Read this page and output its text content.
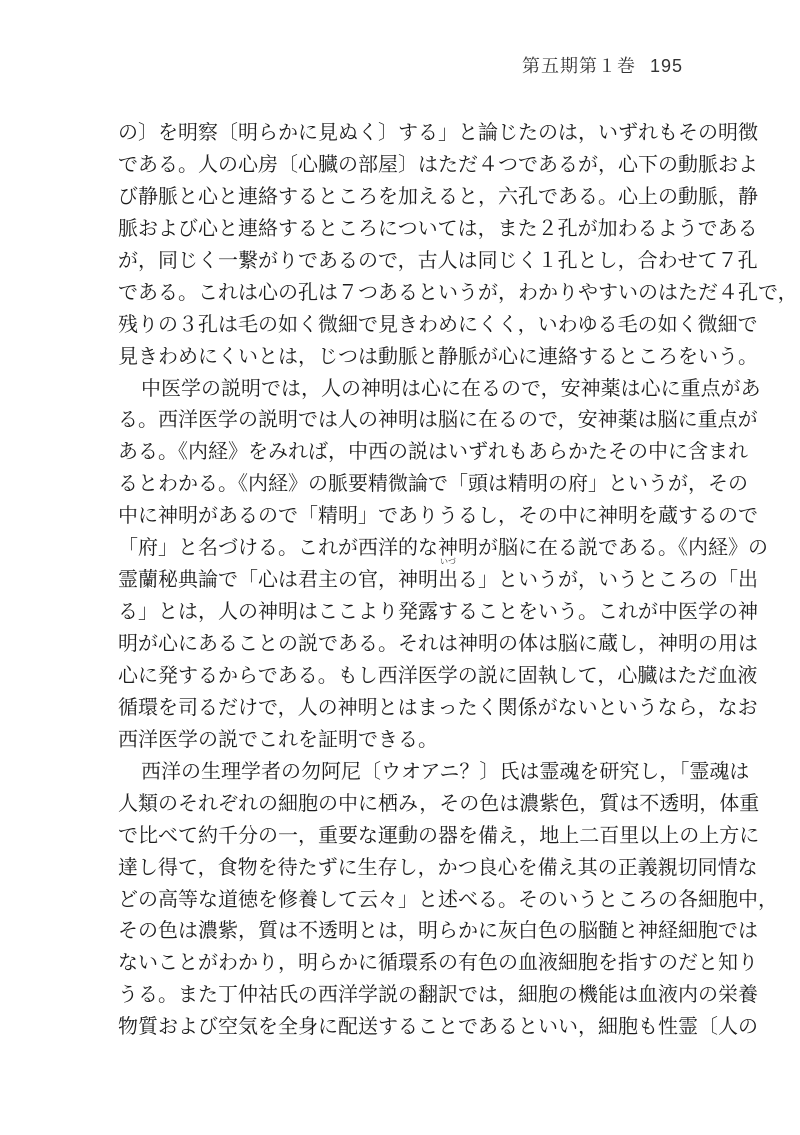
第五期第１巻 195
の〕を明察〔明らかに見ぬく〕する」と論じたのは，いずれもその明徴
である。人の心房〔心臓の部屋〕はただ４つであるが，心下の動脈およ
び静脈と心と連絡するところを加えると，六孔である。心上の動脈，静
脈および心と連絡するところについては，また２孔が加わるようである
が，同じく一繋がりであるので，古人は同じく１孔とし，合わせて７孔
である。これは心の孔は７つあるというが，わかりやすいのはただ４孔で，
残りの３孔は毛の如く微細で見きわめにくく，いわゆる毛の如く微細で
見きわめにくいとは，じつは動脈と静脈が心に連絡するところをいう。
中医学の説明では，人の神明は心に在るので，安神薬は心に重点があ
る。西洋医学の説明では人の神明は脳に在るので，安神薬は脳に重点が
ある。《内経》をみれば，中西の説はいずれもあらかたその中に含まれ
るとわかる。《内経》の脈要精微論で「頭は精明の府」というが，その
中に神明があるので「精明」でありうるし，その中に神明を蔵するので
「府」と名づける。これが西洋的な神明が脳に在る説である。《内経》の
霊蘭秘典論で「心は君主の官，神明出る」というが，いうところの「出
いづ
る」とは，人の神明はここより発露することをいう。これが中医学の神
明が心にあることの説である。それは神明の体は脳に蔵し，神明の用は
心に発するからである。もし西洋医学の説に固執して，心臓はただ血液
循環を司るだけで，人の神明とはまったく関係がないというなら，なお
西洋医学の説でこれを証明できる。
西洋の生理学者の勿阿尼〔ウオアニ？〕氏は霊魂を研究し，「霊魂は
人類のそれぞれの細胞の中に栖み，その色は濃紫色，質は不透明，体重
で比べて約千分の一，重要な運動の器を備え，地上二百里以上の上方に
達し得て，食物を待たずに生存し，かつ良心を備え其の正義親切同情な
どの高等な道徳を修養して云々」と述べる。そのいうところの各細胞中，
その色は濃紫，質は不透明とは，明らかに灰白色の脳髄と神経細胞では
ないことがわかり，明らかに循環系の有色の血液細胞を指すのだと知り
うる。また丁仲祜氏の西洋学説の翻訳では，細胞の機能は血液内の栄養
物質および空気を全身に配送することであるといい，細胞も性霊〔人の
